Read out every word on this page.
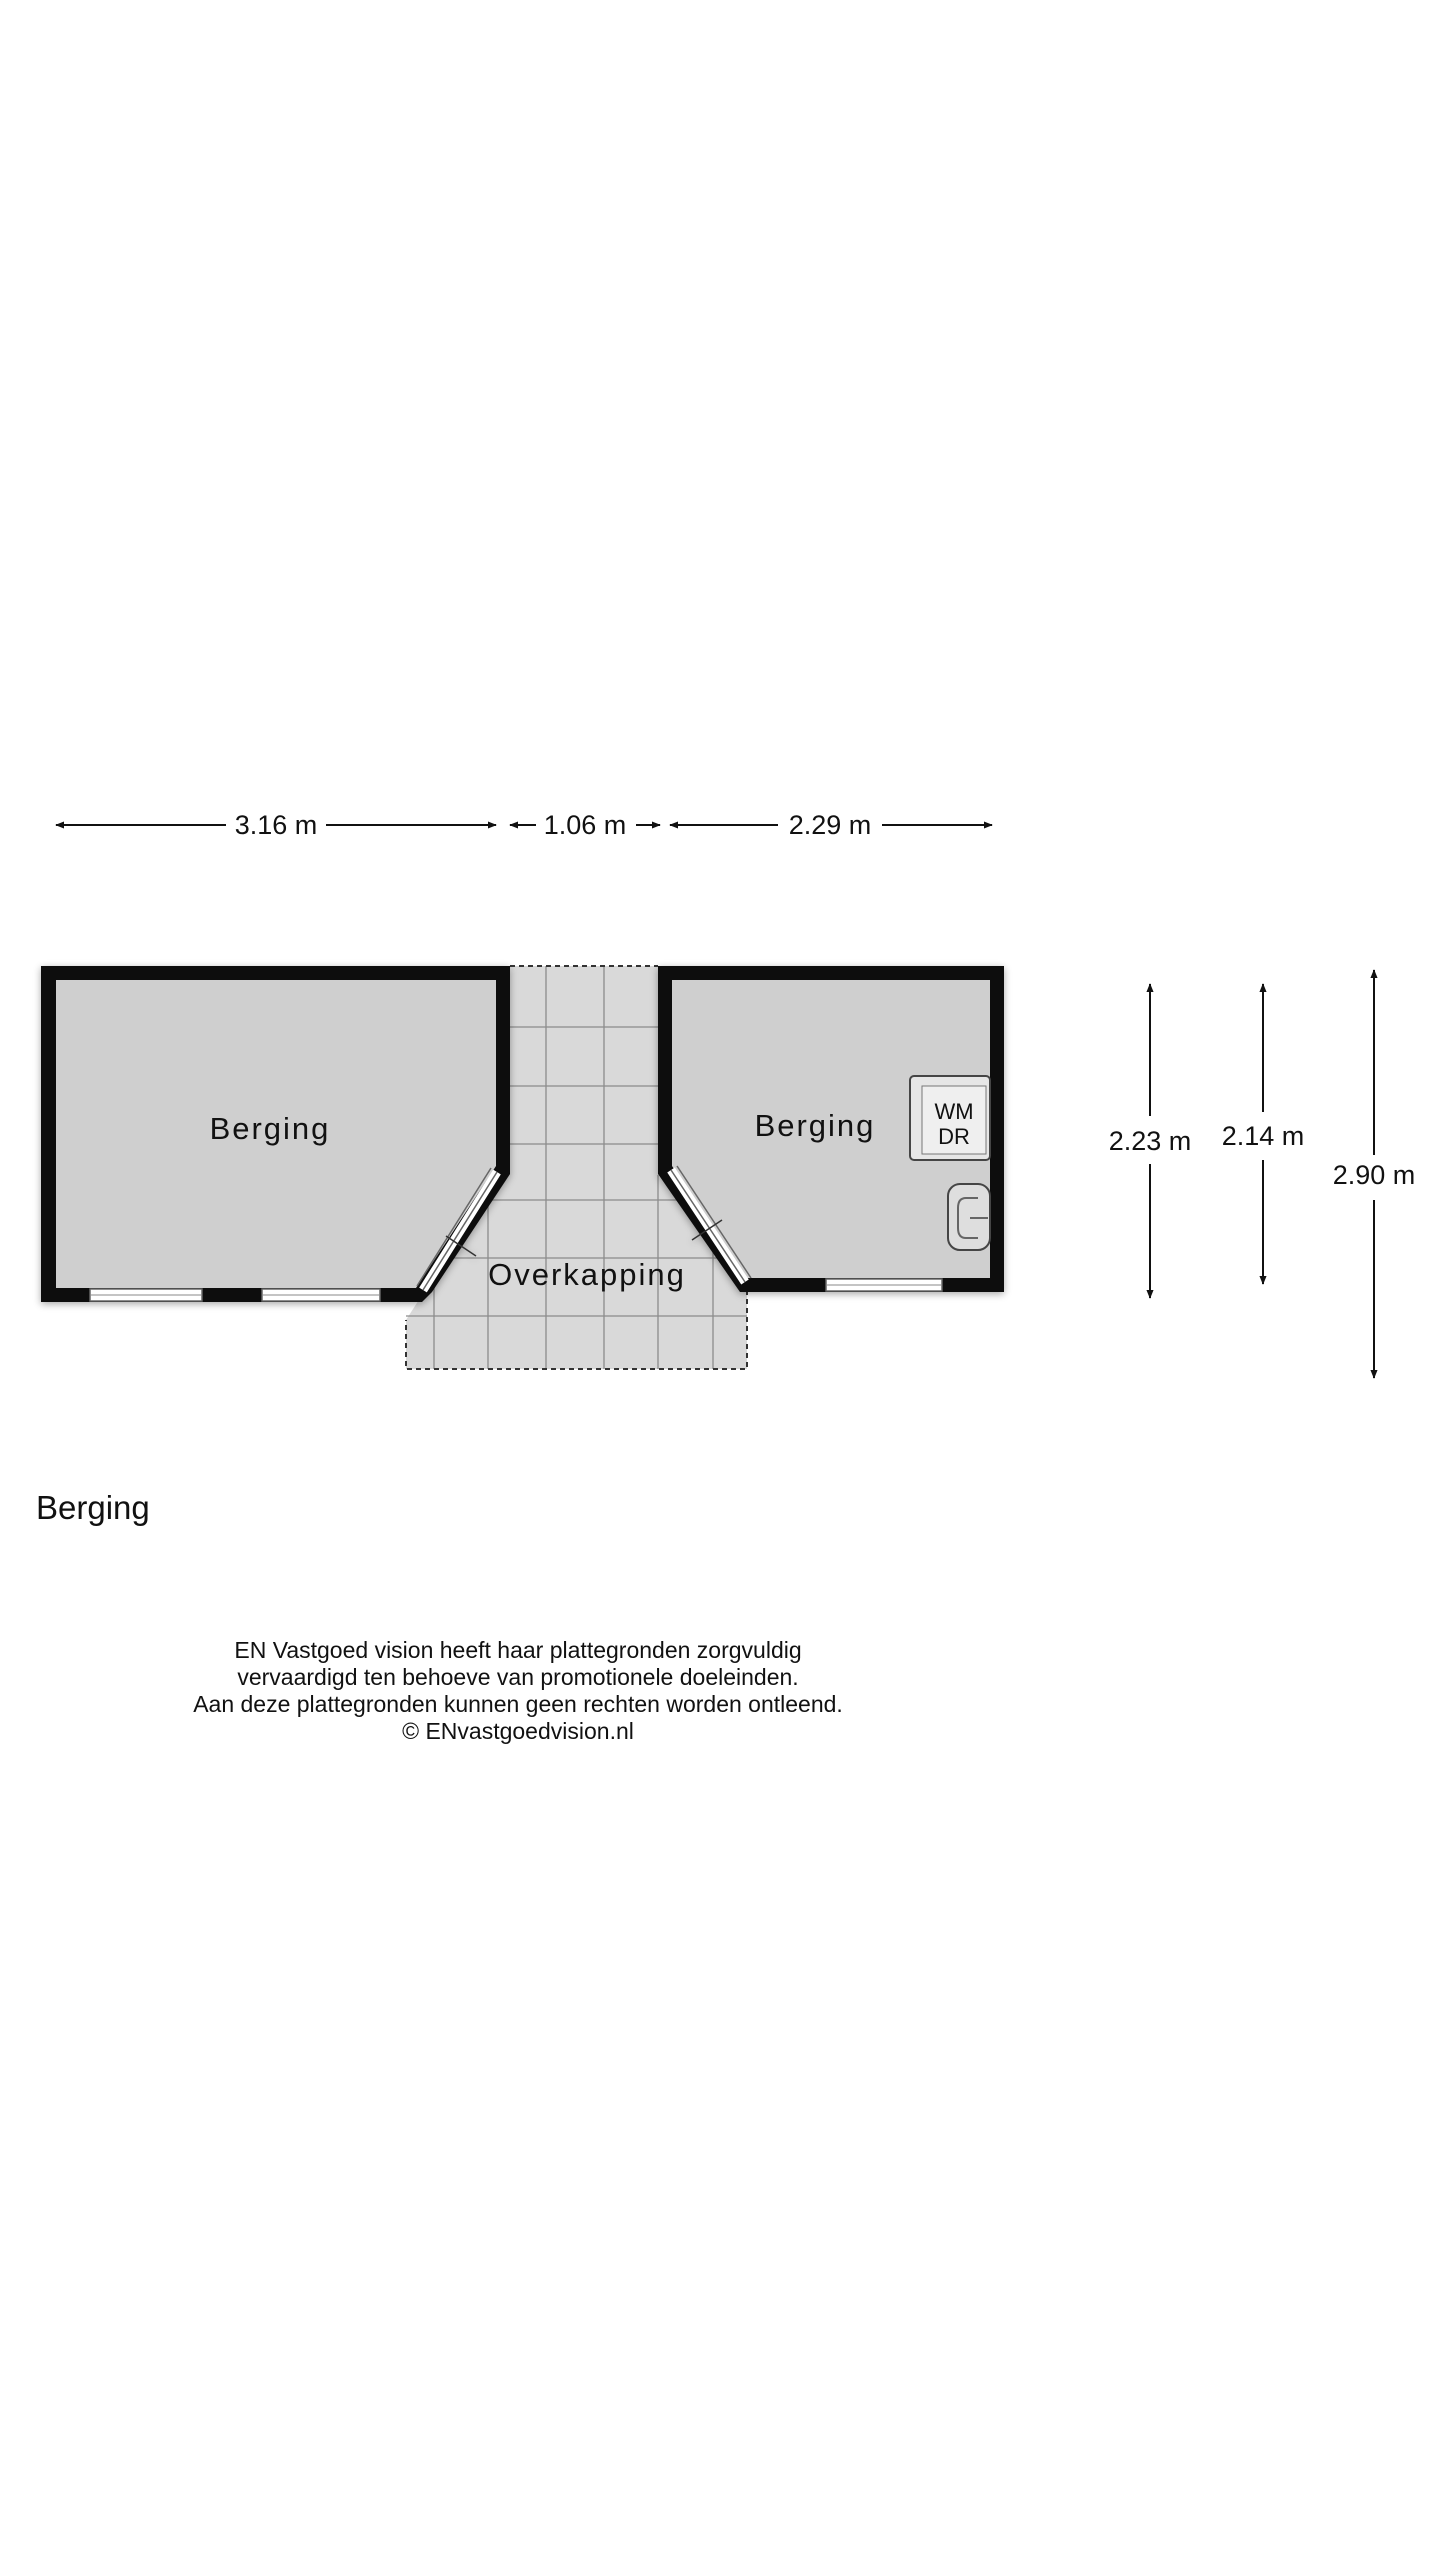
3.16 m	1.06 m	2.29 m
Overkapping
Berging	Berging	WM
DR	2.23 m 2.14 m
2.90 m
Berging
EN Vastgoed vision heeft haar plattegronden zorgvuldig
vervaardigd ten behoeve van promotionele doeleinden.
Aan deze plattegronden kunnen geen rechten worden ontleend.
© ENvastgoedvision.nl
